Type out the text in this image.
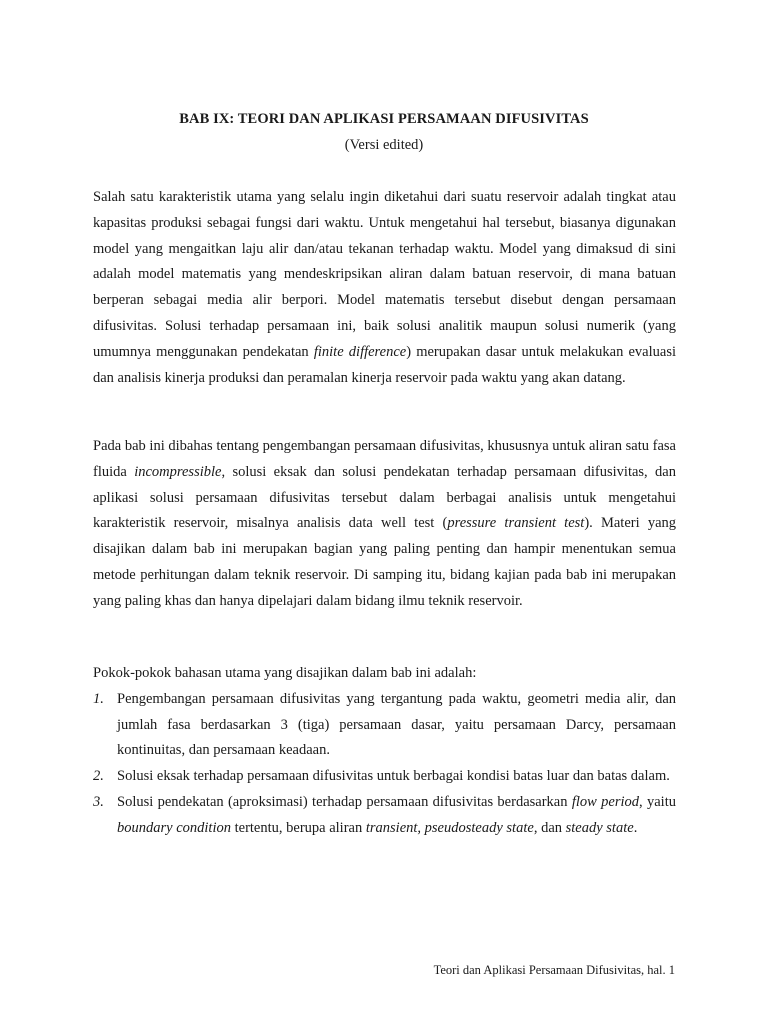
BAB IX: TEORI DAN APLIKASI PERSAMAAN DIFUSIVITAS
(Versi edited)

Salah satu karakteristik utama yang selalu ingin diketahui dari suatu reservoir adalah tingkat atau kapasitas produksi sebagai fungsi dari waktu. Untuk mengetahui hal tersebut, biasanya digunakan model yang mengaitkan laju alir dan/atau tekanan terhadap waktu. Model yang dimaksud di sini adalah model matematis yang mendeskripsikan aliran dalam batuan reservoir, di mana batuan berperan sebagai media alir berpori. Model matematis tersebut disebut dengan persamaan difusivitas. Solusi terhadap persamaan ini, baik solusi analitik maupun solusi numerik (yang umumnya menggunakan pendekatan finite difference) merupakan dasar untuk melakukan evaluasi dan analisis kinerja produksi dan peramalan kinerja reservoir pada waktu yang akan datang.

Pada bab ini dibahas tentang pengembangan persamaan difusivitas, khususnya untuk aliran satu fasa fluida incompressible, solusi eksak dan solusi pendekatan terhadap persamaan difusivitas, dan aplikasi solusi persamaan difusivitas tersebut dalam berbagai analisis untuk mengetahui karakteristik reservoir, misalnya analisis data well test (pressure transient test). Materi yang disajikan dalam bab ini merupakan bagian yang paling penting dan hampir menentukan semua metode perhitungan dalam teknik reservoir. Di samping itu, bidang kajian pada bab ini merupakan yang paling khas dan hanya dipelajari dalam bidang ilmu teknik reservoir.

Pokok-pokok bahasan utama yang disajikan dalam bab ini adalah:

1. Pengembangan persamaan difusivitas yang tergantung pada waktu, geometri media alir, dan jumlah fasa berdasarkan 3 (tiga) persamaan dasar, yaitu persamaan Darcy, persamaan kontinuitas, dan persamaan keadaan.
2. Solusi eksak terhadap persamaan difusivitas untuk berbagai kondisi batas luar dan batas dalam.
3. Solusi pendekatan (aproksimasi) terhadap persamaan difusivitas berdasarkan flow period, yaitu boundary condition tertentu, berupa aliran transient, pseudosteady state, dan steady state.
Teori dan Aplikasi Persamaan Difusivitas, hal. 1
